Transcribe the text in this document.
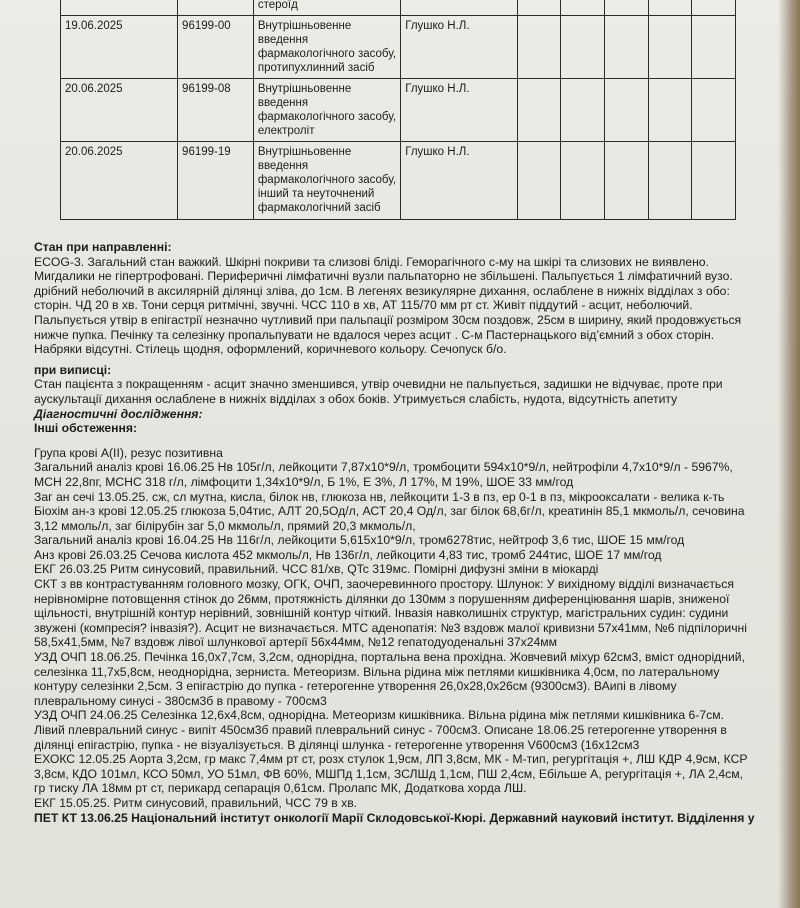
		стероїд						
19.06.2025	96199-00	Внутрішньовенне введення фармакологічного засобу, протипухлинний засіб	Глушко Н.Л.					
20.06.2025	96199-08	Внутрішньовенне введення фармакологічного засобу, електроліт	Глушко Н.Л.					
20.06.2025	96199-19	Внутрішньовенне введення фармакологічного засобу, інший та неуточнений фармакологічний засіб	Глушко Н.Л.					

Стан при направленні:

ECOG-3. Загальний стан важкий. Шкірні покриви та слизові бліді. Геморагічного с-му на шкірі та слизових не виявлено. Мигдалики не гіпертрофовані. Периферичні лімфатичні вузли пальпаторно не збільшені. Пальпується 1 лімфатичний вузо. дрібний неболючий в аксилярній ділянці зліва, до 1см. В легенях везикулярне дихання, ослаблене в нижніх відділах з обо: сторін. ЧД 20 в хв. Тони серця ритмічні, звучні. ЧСС 110 в хв, АТ 115/70 мм рт ст. Живіт піддутий - асцит, неболючий. Пальпується утвір в епігастрії незначно чутливий при пальпації розміром 30см поздовж, 25см в ширину, який продовжується нижче пупка. Печінку та селезінку пропальпувати не вдалося через асцит . С-м Пастернацького від’ємний з обох сторін. Набряки відсутні. Стілець щодня, оформлений, коричневого кольору. Сечопуск б/о.

при виписці:

Стан пацієнта з покращенням - асцит значно зменшився, утвір очевидни не пальпується, задишки не відчуває, проте при аускультації дихання ослаблене в нижніх відділах з обох боків. Утримується слабість, нудота, відсутність апетиту

Діагностичні дослідження:

Інші обстеження:

Група крові А(ІІ), резус позитивна

Загальний аналіз крові 16.06.25 Нв 105г/л, лейкоцити 7,87х10*9/л, тромбоцити 594х10*9/л, нейтрофіли 4,7х10*9/л - 5967%, MCH 22,8пг, MCHC 318 г/л, лімфоцити 1,34х10*9/л, Б 1%, Е 3%, Л 17%, М 19%, ШОЕ 33 мм/год

Заг ан сечі 13.05.25. сж, сл мутна, кисла, білок нв, глюкоза нв, лейкоцити 1-3 в пз, ер 0-1 в пз, мікроокcалати - велика к-ть

Біохім ан-з крові 12.05.25 глюкоза 5,04тис, АЛТ 20,5Од/л, АСТ 20,4 Од/л, заг білок 68,6г/л, креатинін 85,1 мкмоль/л, сечовина 3,12 ммоль/л, заг білірубін заг 5,0 мкмоль/л, прямий 20,3 мкмоль/л,

Загальний аналіз крові 16.04.25 Нв 116г/л, лейкоцити 5,615х10*9/л, тром6278тис, нейтроф 3,6 тис, ШОЕ 15 мм/год

Анз крові 26.03.25 Сечова кислота 452 мкмоль/л, Нв 136г/л, лейкоцити 4,83 тис, тромб 244тис, ШОЕ 17 мм/год

ЕКГ 26.03.25 Ритм синусовий, правильний. ЧСС 81/хв, QTc 319мс. Помірні дифузні зміни в міокарді

СКТ з вв контрастуванням головного мозку, ОГК, ОЧП, заочеревинного простору. Шлунок: У вихідному відділі визначається нерівномірне потовщення стінок до 26мм, протяжність ділянки до 130мм з порушенням диференціювання шарів, зниженої щільності, внутрішній контур нерівний, зовнішній контур чіткий. Інвазія навколишніх структур, магістральних судин: судини звужені (компресія? інвазія?). Асцит не визначається. МТС аденопатія: №3 вздовж малої кривизни 57х41мм, №6 підпілоричні 58,5х41,5мм, №7 вздовж лівої шлункової артерії 56х44мм, №12 гепатодуоденальні 37х24мм

УЗД ОЧП 18.06.25. Печінка 16,0х7,7см, 3,2см, однорідна, портальна вена прохідна. Жовчевий міхур 62см3, вміст однорідний, селезінка 11,7х5,8см, неоднорідна, зерниста. Метеоризм. Вільна рідина між петлями кишківника 4,0см, по латеральному контуру селезінки 2,5см. З епігастрію до пупка - гетерогенне утворення 26,0х28,0х26см (9300см3). ВАипі в лівому плевральному синусі - 380см3б в правому - 700см3

УЗД ОЧП 24.06.25 Селезінка 12,6х4,8см, однорідна. Метеоризм кишківника. Вільна рідина між петлями кишківника 6-7см. Лівий плевральний синус - випіт 450см3б правий плевральний синус - 700см3. Описане 18.06.25 гетерогенне утворення в ділянці епігастрію, пупка - не візуалізується. В ділянці шлунка - гетерогенне утворення V600см3 (16х12см3

ЕХОКС 12.05.25 Аорта 3,2см, гр макс 7,4мм рт ст, розх стулок 1,9см, ЛП 3,8см, МК - М-тип, регургітація +, ЛШ КДР 4,9см, КСР 3,8см, КДО 101мл, КСО 50мл, УО 51мл, ФВ 60%, МШПд 1,1см, ЗСЛШд 1,1см, ПШ 2,4см, Ебільше А, регургітація +, ЛА 2,4см, гр тиску ЛА 18мм рт ст, перикард сепарація 0,61см. Пролапс МК, Додаткова хорда ЛШ.

ЕКГ 15.05.25. Ритм синусовий, правильний, ЧСС 79 в хв.

ПЕТ КТ 13.06.25 Національний інститут онкології Марії Склодовської-Кюрі. Державний науковий інститут. Відділення у
